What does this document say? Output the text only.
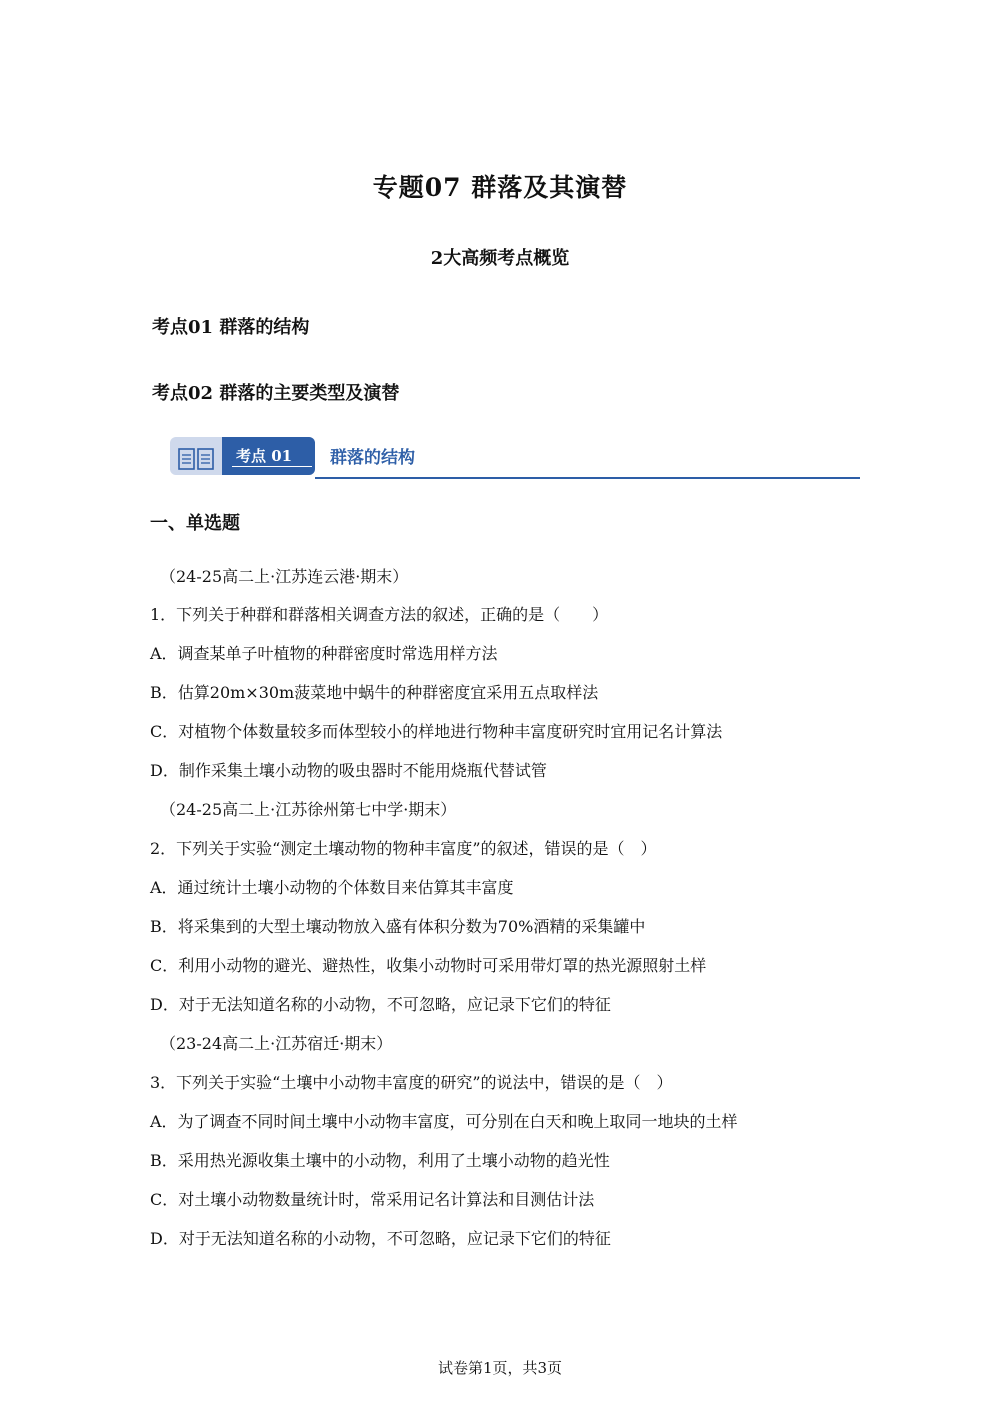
专题07 群落及其演替
2大高频考点概览
考点01 群落的结构
考点02 群落的主要类型及演替
考点 01 群落的结构
一、单选题
（24-25高二上·江苏连云港·期末）
1．下列关于种群和群落相关调查方法的叙述，正确的是（　　）
A．调查某单子叶植物的种群密度时常选用样方法
B．估算20m×30m菠菜地中蜗牛的种群密度宜采用五点取样法
C．对植物个体数量较多而体型较小的样地进行物种丰富度研究时宜用记名计算法
D．制作采集土壤小动物的吸虫器时不能用烧瓶代替试管
（24-25高二上·江苏徐州第七中学·期末）
2．下列关于实验“测定土壤动物的物种丰富度”的叙述，错误的是（　）
A．通过统计土壤小动物的个体数目来估算其丰富度
B．将采集到的大型土壤动物放入盛有体积分数为70%酒精的采集罐中
C．利用小动物的避光、避热性，收集小动物时可采用带灯罩的热光源照射土样
D．对于无法知道名称的小动物，不可忽略，应记录下它们的特征
（23-24高二上·江苏宿迁·期末）
3．下列关于实验“土壤中小动物丰富度的研究”的说法中，错误的是（　）
A．为了调查不同时间土壤中小动物丰富度，可分别在白天和晚上取同一地块的土样
B．采用热光源收集土壤中的小动物，利用了土壤小动物的趋光性
C．对土壤小动物数量统计时，常采用记名计算法和目测估计法
D．对于无法知道名称的小动物，不可忽略，应记录下它们的特征
试卷第1页，共3页
